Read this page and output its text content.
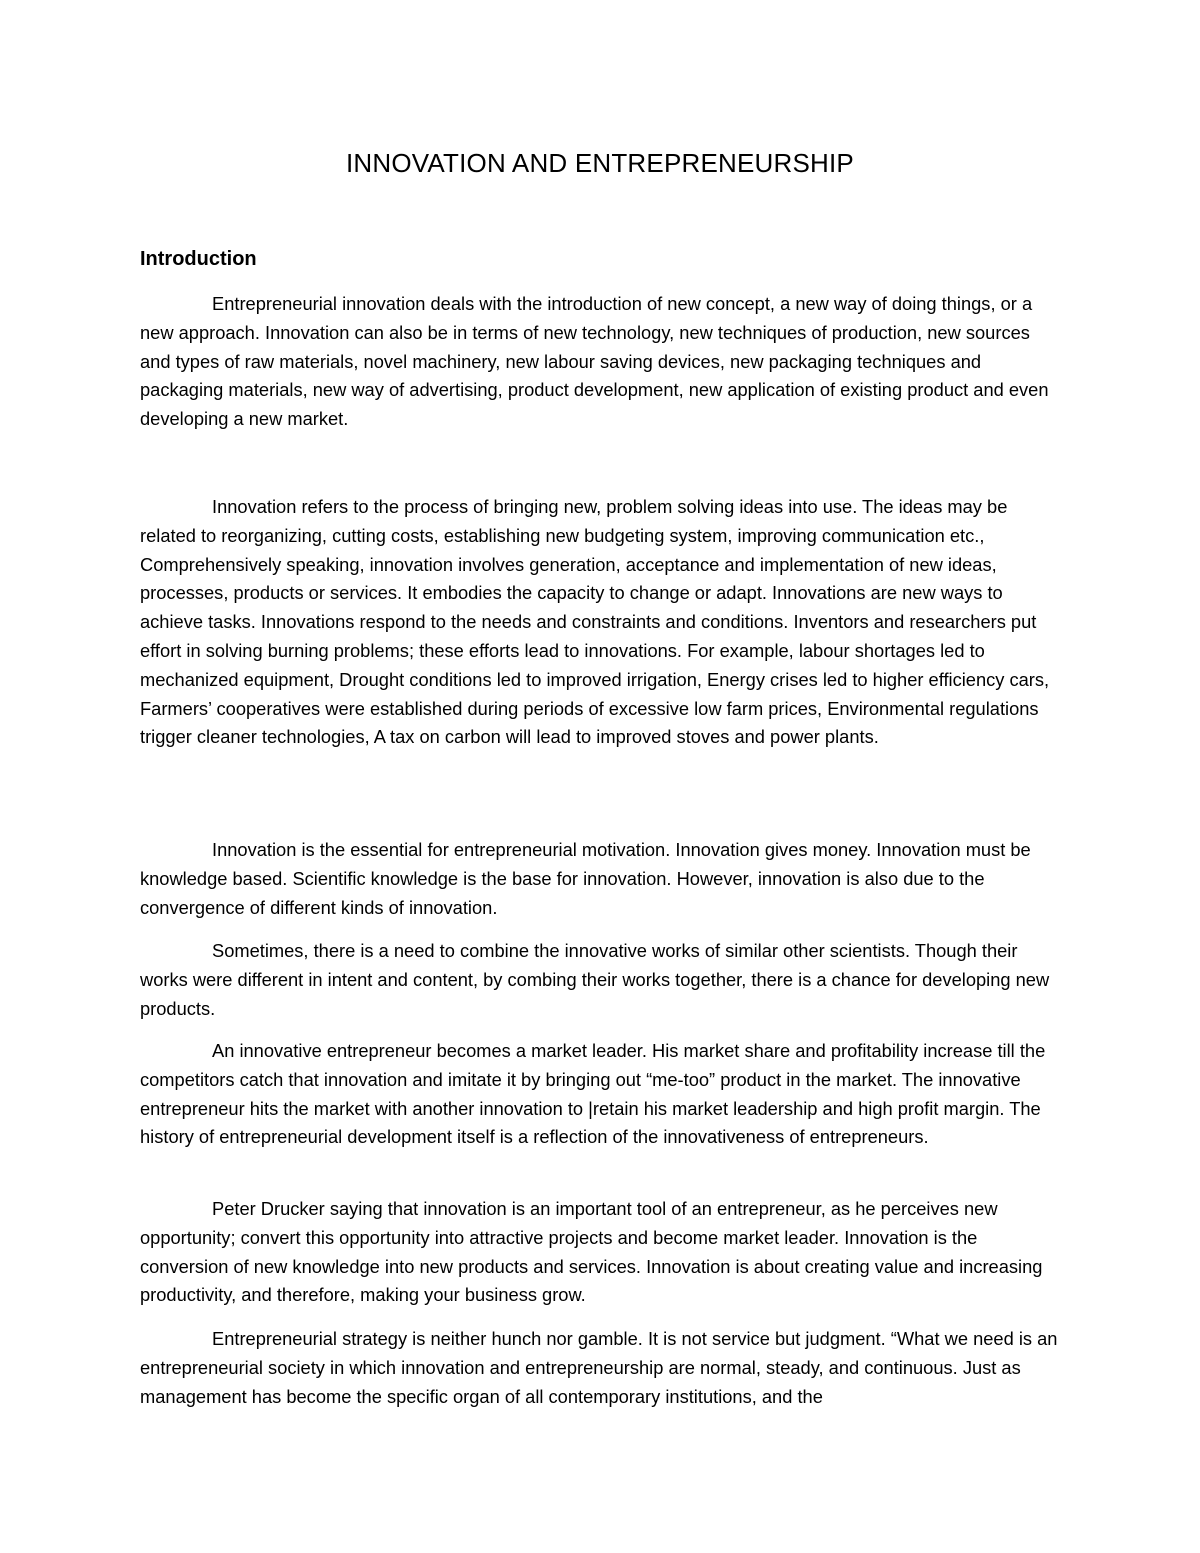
INNOVATION AND ENTREPRENEURSHIP
Introduction

Entrepreneurial innovation deals with the introduction of new concept, a new way of doing things, or a new approach. Innovation can also be in terms of new technology, new techniques of production, new sources and types of raw materials, novel machinery, new labour saving devices, new packaging techniques and packaging materials, new way of advertising, product development, new application of existing product and even developing a new market.

Innovation refers to the process of bringing new, problem solving ideas into use. The ideas may be related to reorganizing, cutting costs, establishing new budgeting system, improving communication etc., Comprehensively speaking, innovation involves generation, acceptance and implementation of new ideas, processes, products or services. It embodies the capacity to change or adapt. Innovations are new ways to achieve tasks. Innovations respond to the needs and constraints and conditions. Inventors and researchers put effort in solving burning problems; these efforts lead to innovations. For example, labour shortages led to mechanized equipment, Drought conditions led to improved irrigation, Energy crises led to higher efficiency cars, Farmers’ cooperatives were established during periods of excessive low farm prices, Environmental regulations trigger cleaner technologies, A tax on carbon will lead to improved stoves and power plants.

Innovation is the essential for entrepreneurial motivation. Innovation gives money. Innovation must be knowledge based. Scientific knowledge is the base for innovation. However, innovation is also due to the convergence of different kinds of innovation.

Sometimes, there is a need to combine the innovative works of similar other scientists. Though their works were different in intent and content, by combing their works together, there is a chance for developing new products.

An innovative entrepreneur becomes a market leader. His market share and profitability increase till the competitors catch that innovation and imitate it by bringing out “me-too” product in the market. The innovative entrepreneur hits the market with another innovation to |retain his market leadership and high profit margin. The history of entrepreneurial development itself is a reflection of the innovativeness of entrepreneurs.

Peter Drucker saying that innovation is an important tool of an entrepreneur, as he perceives new opportunity; convert this opportunity into attractive projects and become market leader. Innovation is the conversion of new knowledge into new products and services. Innovation is about creating value and increasing productivity, and therefore, making your business grow.

Entrepreneurial strategy is neither hunch nor gamble. It is not service but judgment. “What we need is an entrepreneurial society in which innovation and entrepreneurship are normal, steady, and continuous. Just as management has become the specific organ of all contemporary institutions, and the
